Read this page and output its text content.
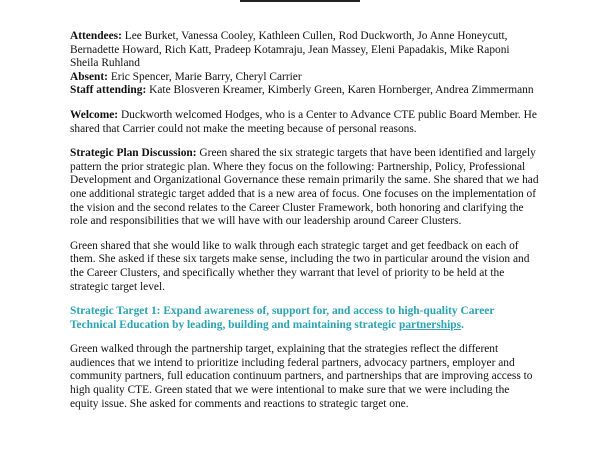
Attendees: Lee Burket, Vanessa Cooley, Kathleen Cullen, Rod Duckworth, Jo Anne Honeycutt, Bernadette Howard, Rich Katt, Pradeep Kotamraju, Jean Massey, Eleni Papadakis, Mike Raponi Sheila Ruhland

Absent: Eric Spencer, Marie Barry, Cheryl Carrier

Staff attending: Kate Blosveren Kreamer, Kimberly Green, Karen Hornberger, Andrea Zimmermann

Welcome: Duckworth welcomed Hodges, who is a Center to Advance CTE public Board Member. He shared that Carrier could not make the meeting because of personal reasons.

Strategic Plan Discussion: Green shared the six strategic targets that have been identified and largely pattern the prior strategic plan. Where they focus on the following: Partnership, Policy, Professional Development and Organizational Governance these remain primarily the same. She shared that we had one additional strategic target added that is a new area of focus. One focuses on the implementation of the vision and the second relates to the Career Cluster Framework, both honoring and clarifying the role and responsibilities that we will have with our leadership around Career Clusters.

Green shared that she would like to walk through each strategic target and get feedback on each of them. She asked if these six targets make sense, including the two in particular around the vision and the Career Clusters, and specifically whether they warrant that level of priority to be held at the strategic target level.

Strategic Target 1: Expand awareness of, support for, and access to high-quality Career Technical Education by leading, building and maintaining strategic partnerships.

Green walked through the partnership target, explaining that the strategies reflect the different audiences that we intend to prioritize including federal partners, advocacy partners, employer and community partners, full education continuum partners, and partnerships that are improving access to high quality CTE. Green stated that we were intentional to make sure that we were including the equity issue. She asked for comments and reactions to strategic target one.
